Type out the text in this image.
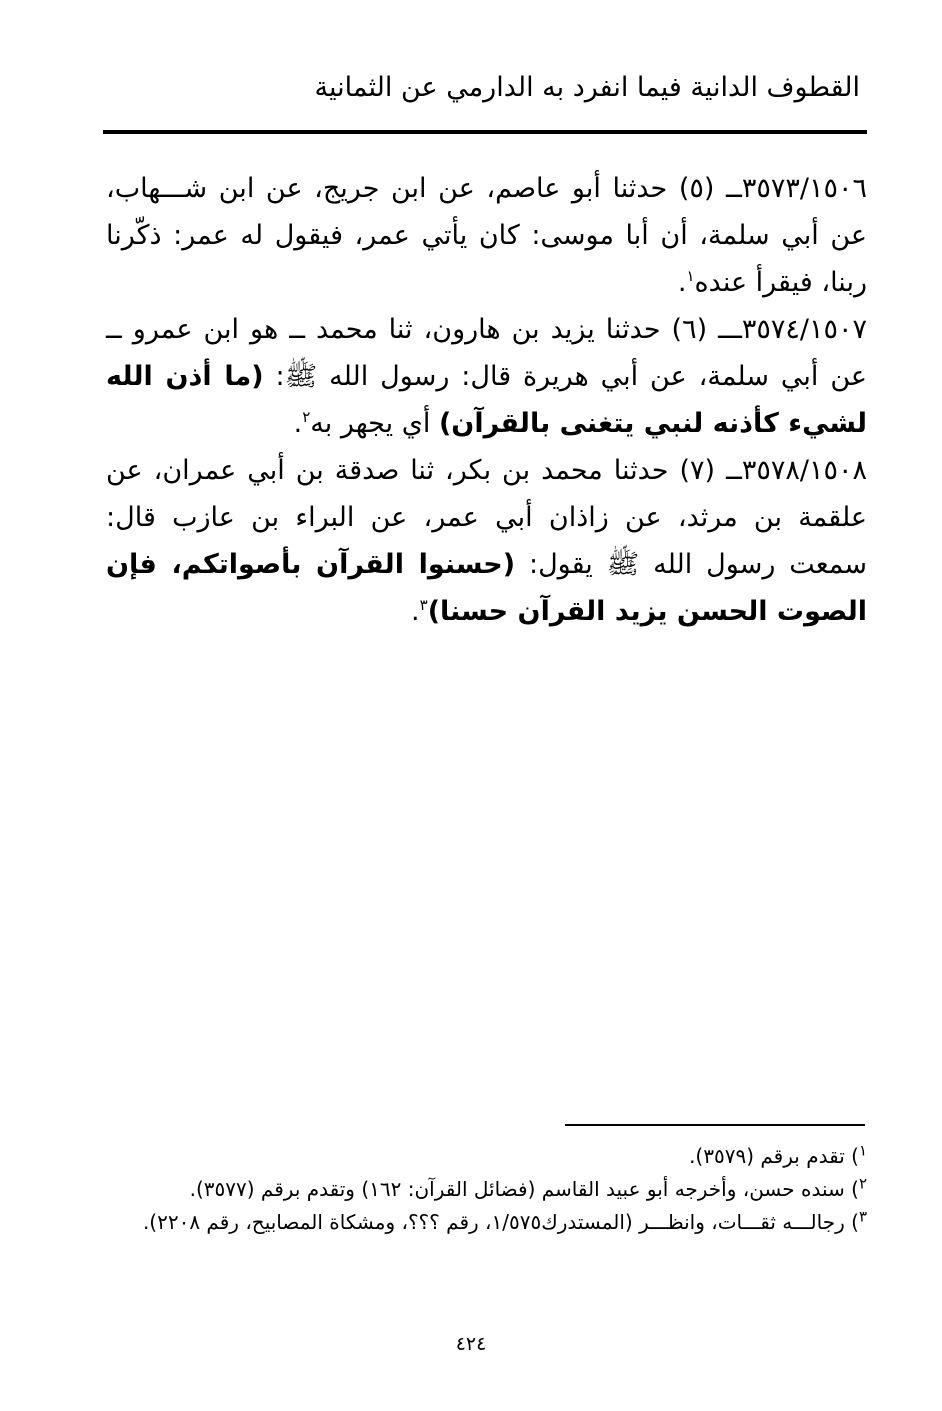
القطوف الدانية فيما انفرد به الدارمي عن الثمانية

٣٥٧٣/١٥٠٦ــ (٥) حدثنا أبو عاصم، عن ابن جريج، عن ابن شـــهاب، عن أبي سلمة، أن أبا موسى: كان يأتي عمر، فيقول له عمر: ذكّرنا ربنا، فيقرأ عنده$^١$.

٣٥٧٤/١٥٠٧ـــ (٦) حدثنا يزيد بن هارون، ثنا محمد ــ هو ابن عمرو ــ عن أبي سلمة، عن أبي هريرة قال: رسول الله ﷺ: (ما أذن الله لشيء كأذنه لنبي يتغنى بالقرآن) أي يجهر به$^٢$.

٣٥٧٨/١٥٠٨ــ (٧) حدثنا محمد بن بكر، ثنا صدقة بن أبي عمران، عن علقمة بن مرثد، عن زاذان أبي عمر، عن البراء بن عازب قال: سمعت رسول الله ﷺ يقول: (حسنوا القرآن بأصواتكم، فإن الصوت الحسن يزيد القرآن حسنا)$^٣$.

$^١$) تقدم برقم (٣٥٧٩).

$^٢$) سنده حسن، وأخرجه أبو عبيد القاسم (فضائل القرآن: ١٦٢) وتقدم برقم (٣٥٧٧).

$^٣$) رجالـــه ثقـــات، وانظـــر (المستدرك١/٥٧٥، رقم ؟؟؟، ومشكاة المصابيح، رقم ٢٢٠٨).

٤٢٤
